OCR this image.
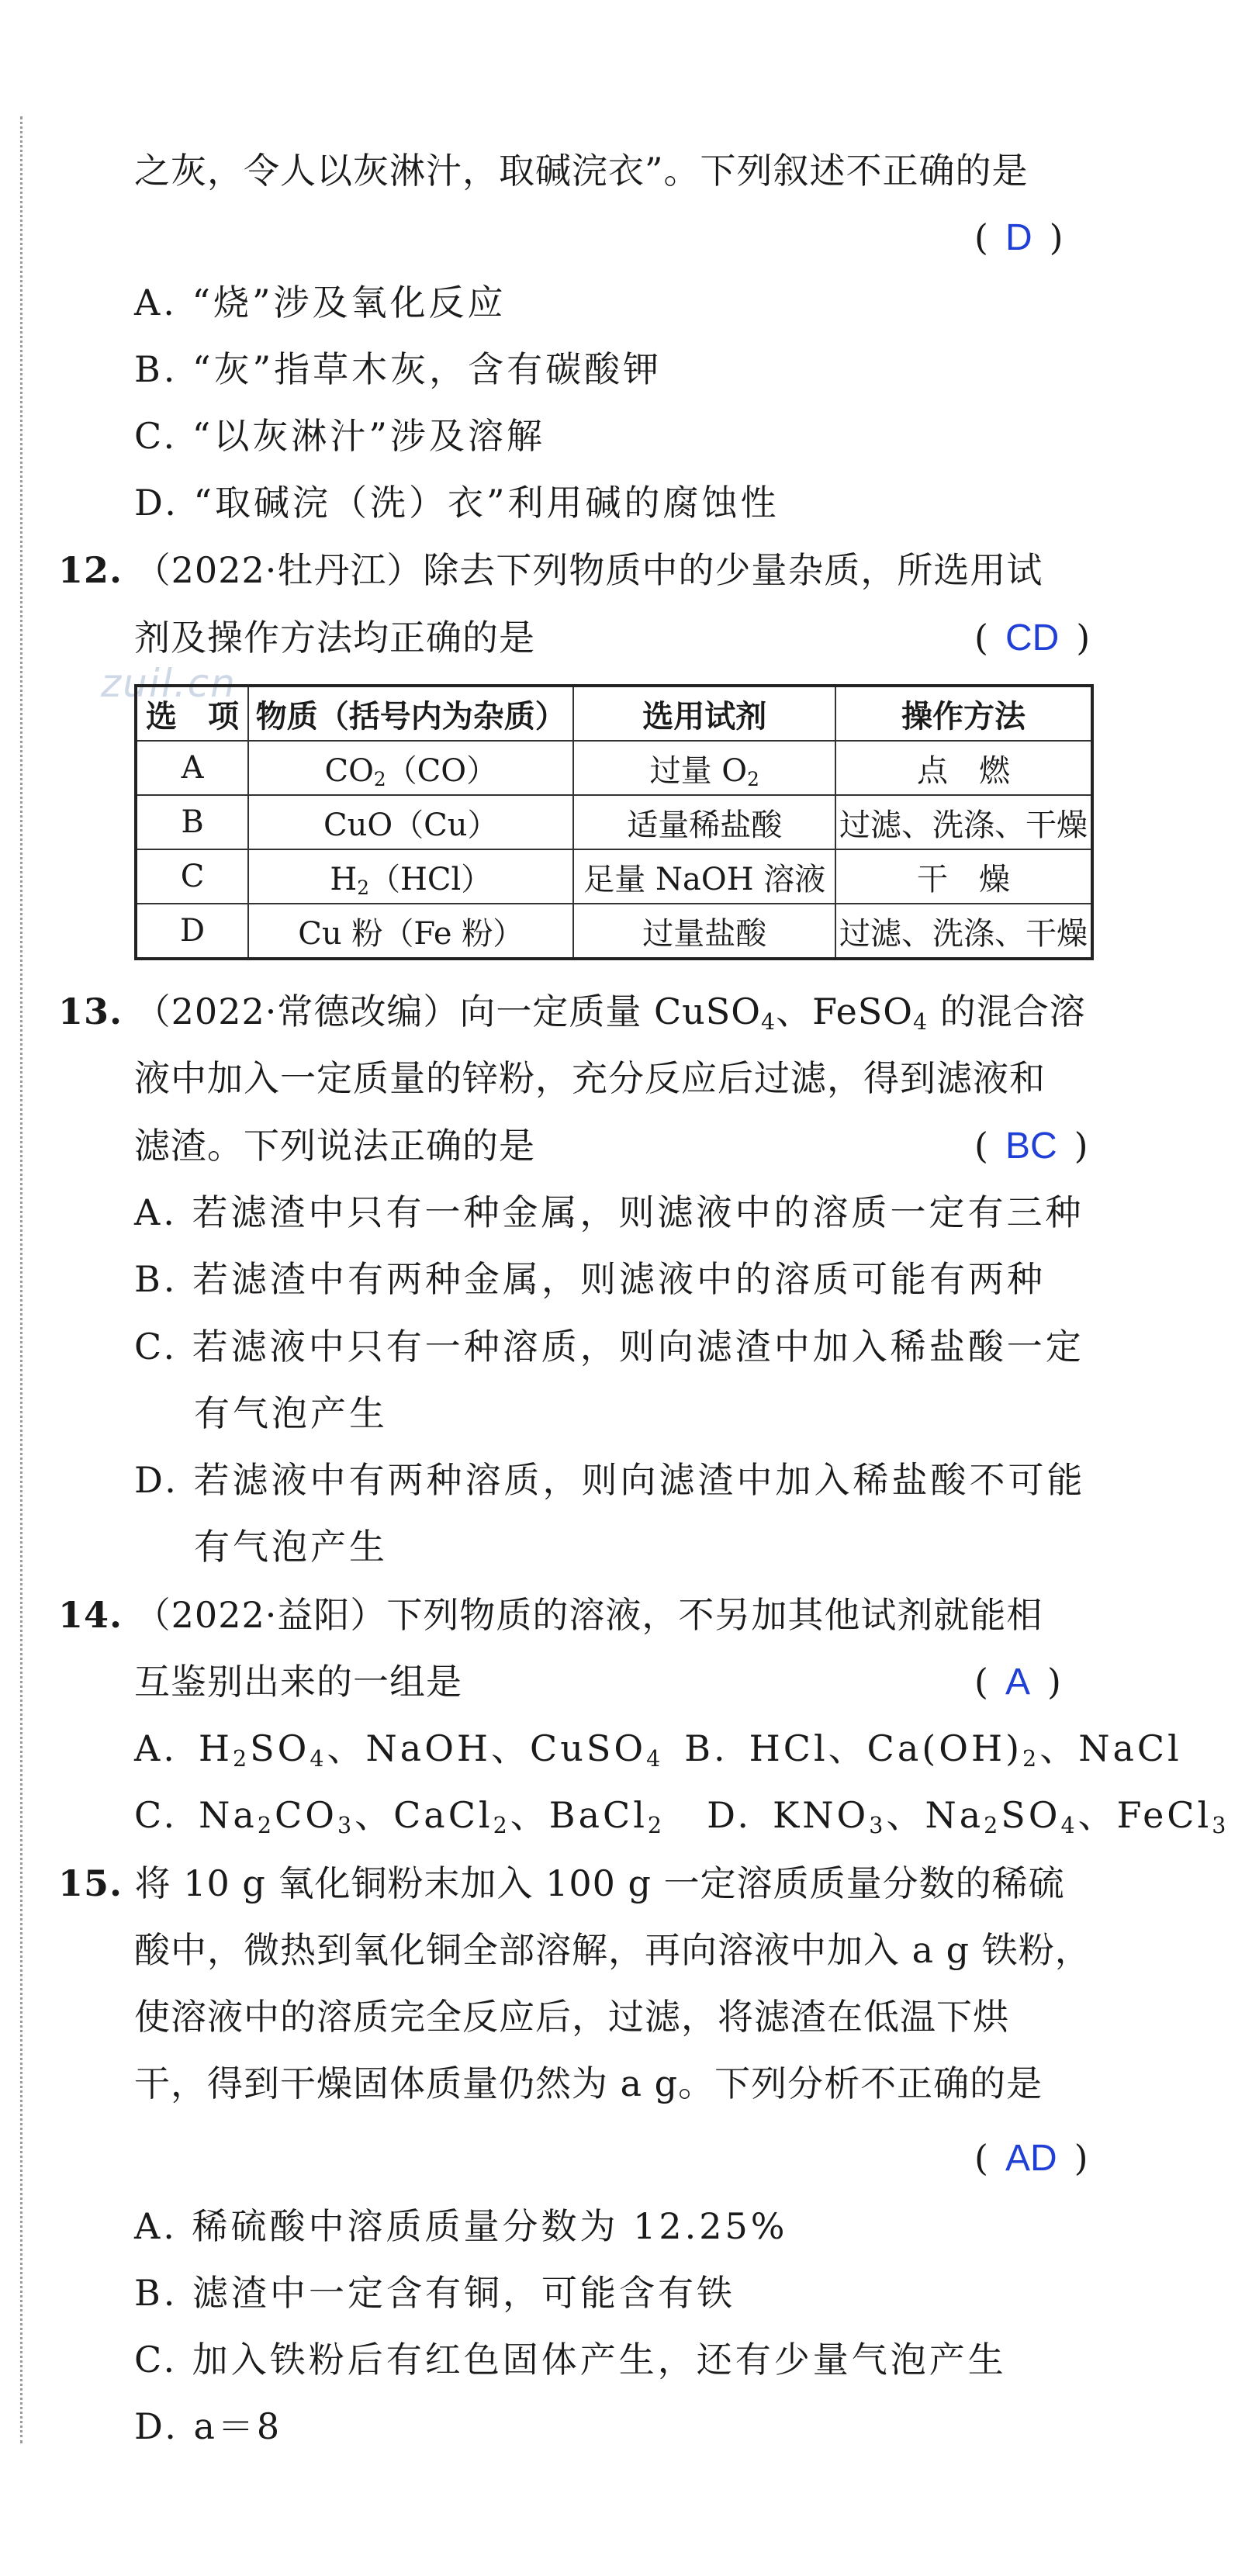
之灰，令人以灰淋汁，取碱浣衣”。下列叙述不正确的是
( D )
A. “烧”涉及氧化反应
B. “灰”指草木灰，含有碳酸钾
C. “以灰淋汁”涉及溶解
D. “取碱浣（洗）衣”利用碱的腐蚀性
12. （2022·牡丹江）除去下列物质中的少量杂质，所选用试
剂及操作方法均正确的是	( CD )
zuil.cn
选　项	物质（括号内为杂质）	选用试剂	操作方法
A	$CO_2(CO)$	过量 $O_2$	点　燃
B	CuO（Cu）	适量稀盐酸	过滤、洗涤、干燥
C	$H_2(HCl)$	足量 NaOH 溶液	干　燥
D	Cu 粉（Fe 粉）	过量盐酸	过滤、洗涤、干燥
13. （2022·常德改编）向一定质量 CuSO$_4$、FeSO$_4$ 的混合溶
液中加入一定质量的锌粉，充分反应后过滤，得到滤液和
滤渣。下列说法正确的是	( BC )
A. 若滤渣中只有一种金属，则滤液中的溶质一定有三种
B. 若滤渣中有两种金属，则滤液中的溶质可能有两种
C. 若滤液中只有一种溶质，则向滤渣中加入稀盐酸一定
有气泡产生
D. 若滤液中有两种溶质，则向滤渣中加入稀盐酸不可能
有气泡产生
14. （2022·益阳）下列物质的溶液，不另加其他试剂就能相
互鉴别出来的一组是	( A )
A. $H_2SO_4$、NaOH、CuSO$_4$ B. HCl、$Ca(OH)_2$、NaCl
C. $Na_2CO_3$、CaCl$_2$、BaCl$_2$  D. $KNO_3$、$Na_2SO_4$、FeCl$_3$
15. 将 10 g 氧化铜粉末加入 100 g 一定溶质质量分数的稀硫
酸中，微热到氧化铜全部溶解，再向溶液中加入 a g 铁粉，
使溶液中的溶质完全反应后，过滤，将滤渣在低温下烘
干，得到干燥固体质量仍然为 a g。下列分析不正确的是
( AD )
A. 稀硫酸中溶质质量分数为 12.25%
B. 滤渣中一定含有铜，可能含有铁
C. 加入铁粉后有红色固体产生，还有少量气泡产生
D. a＝8
